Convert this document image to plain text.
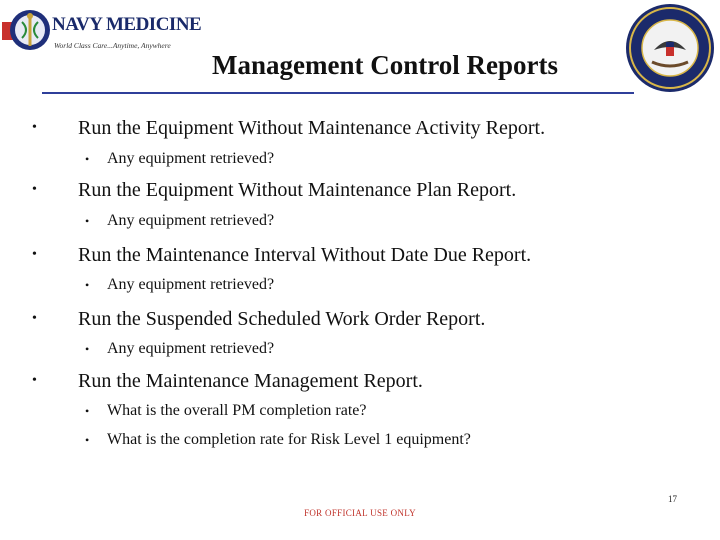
NAVY MEDICINE
World Class Care...Anytime, Anywhere
Management Control Reports
• Run the Equipment Without Maintenance Activity Report.
• Any equipment retrieved?
• Run the Equipment Without Maintenance Plan Report.
• Any equipment retrieved?
• Run the Maintenance Interval Without Date Due Report.
• Any equipment retrieved?
• Run the Suspended Scheduled Work Order Report.
• Any equipment retrieved?
• Run the Maintenance Management Report.
• What is the overall PM completion rate?
• What is the completion rate for Risk Level 1 equipment?
17
FOR OFFICIAL USE ONLY
